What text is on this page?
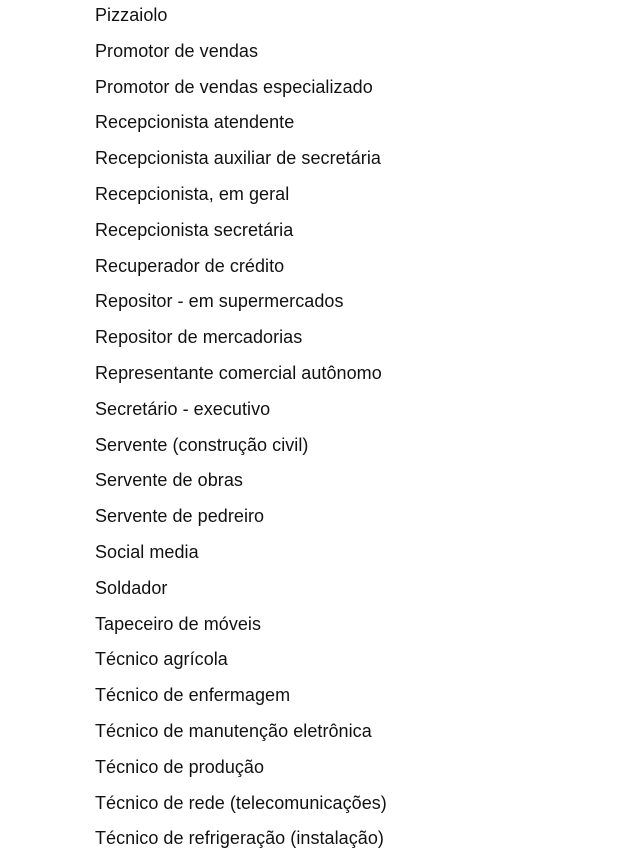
Pizzaiolo
Promotor de vendas
Promotor de vendas especializado
Recepcionista atendente
Recepcionista auxiliar de secretária
Recepcionista, em geral
Recepcionista secretária
Recuperador de crédito
Repositor - em supermercados
Repositor de mercadorias
Representante comercial autônomo
Secretário - executivo
Servente (construção civil)
Servente de obras
Servente de pedreiro
Social media
Soldador
Tapeceiro de móveis
Técnico agrícola
Técnico de enfermagem
Técnico de manutenção eletrônica
Técnico de produção
Técnico de rede (telecomunicações)
Técnico de refrigeração (instalação)
